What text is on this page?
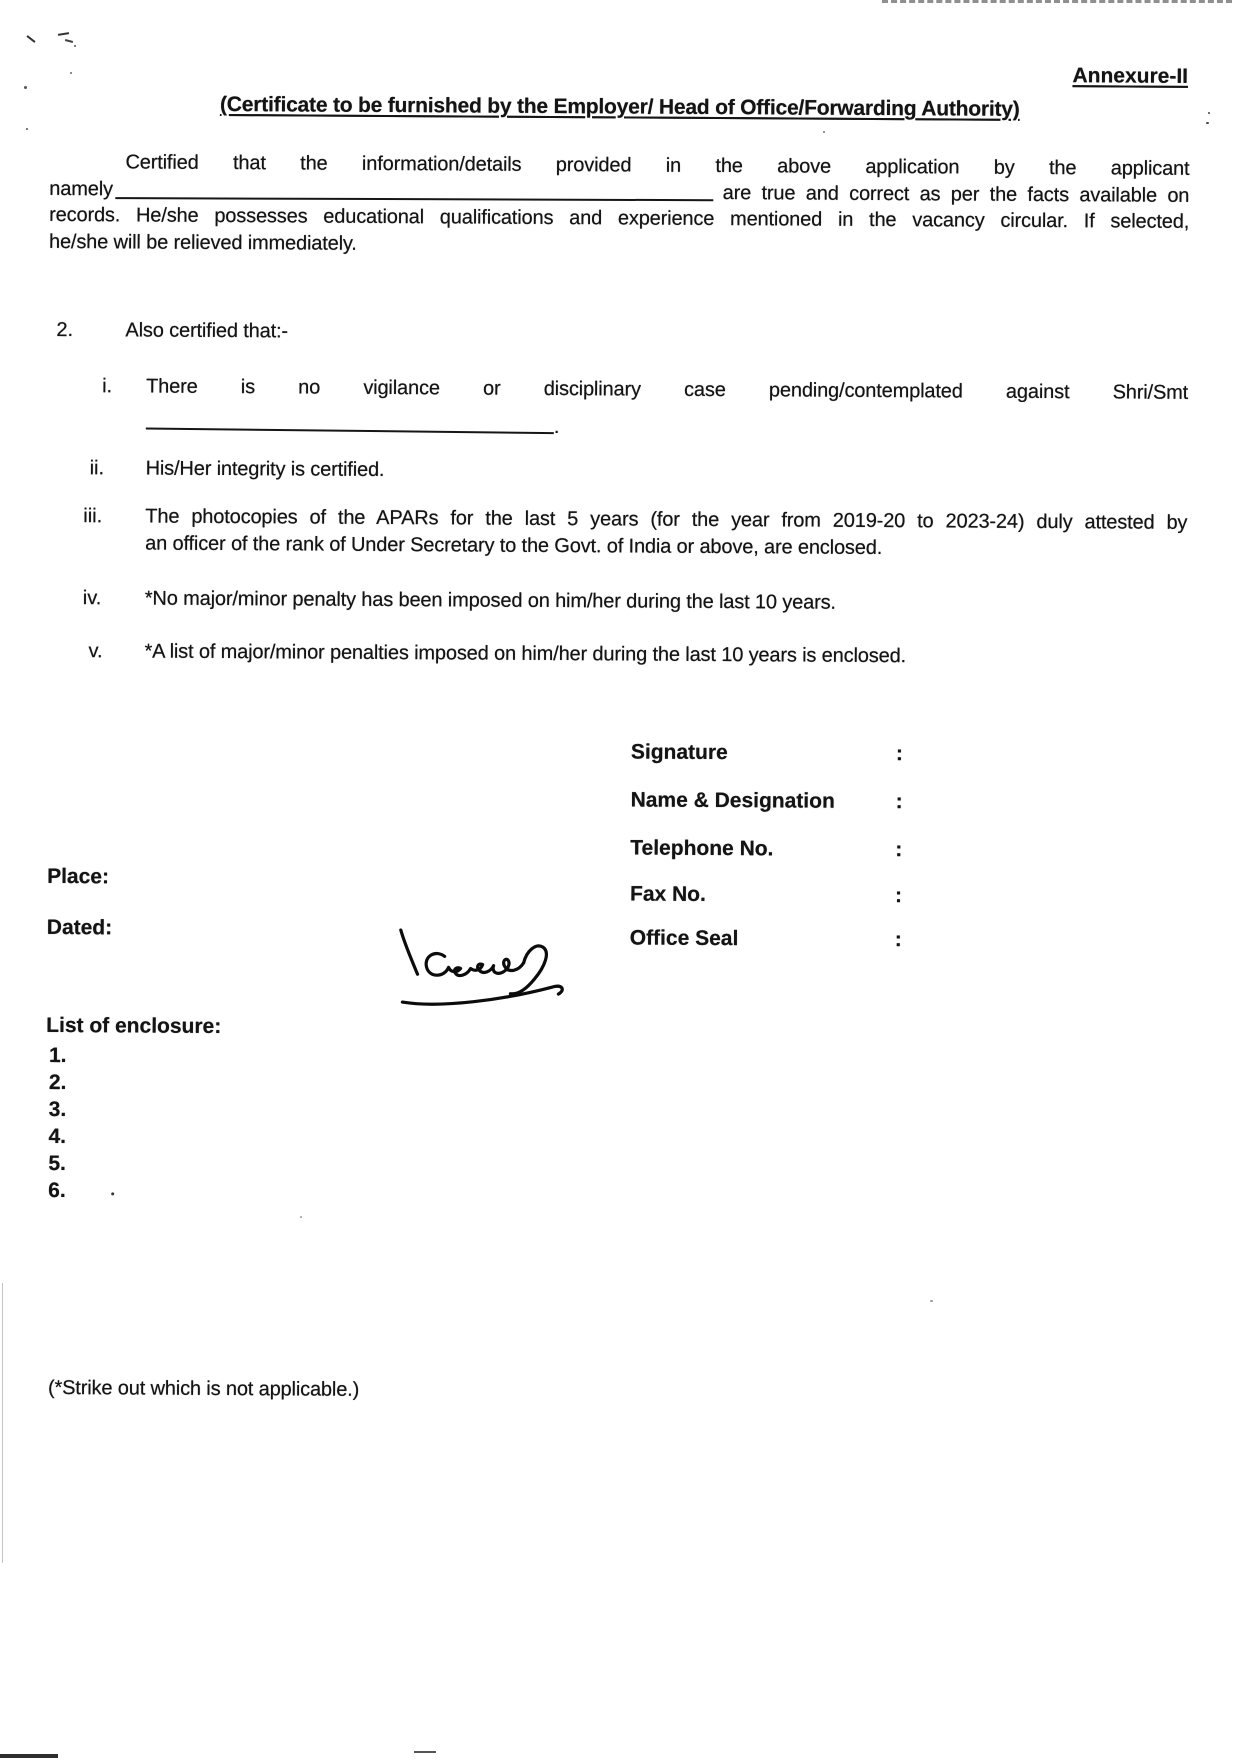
Annexure-II
(Certificate to be furnished by the Employer/ Head of Office/Forwarding Authority)
Certified that the information/details provided in the above application by the applicant
namely	are true and correct as per the facts available on
records. He/she possesses educational qualifications and experience mentioned in the vacancy circular. If selected,
he/she will be relieved immediately.
2.	Also certified that:-
i. There is no vigilance or disciplinary case pending/contemplated against Shri/Smt
.
ii. His/Her integrity is certified.
iii. The photocopies of the APARs for the last 5 years (for the year from 2019-20 to 2023-24) duly attested by
an officer of the rank of Under Secretary to the Govt. of India or above, are enclosed.
iv. *No major/minor penalty has been imposed on him/her during the last 10 years.
v. *A list of major/minor penalties imposed on him/her during the last 10 years is enclosed.
Signature	:
Name & Designation	:
Telephone No.	:
Fax No.	:
Office Seal	:
Place:
Dated:
List of enclosure:
1.
2.
3.
4.
5.
6.
(*Strike out which is not applicable.)
